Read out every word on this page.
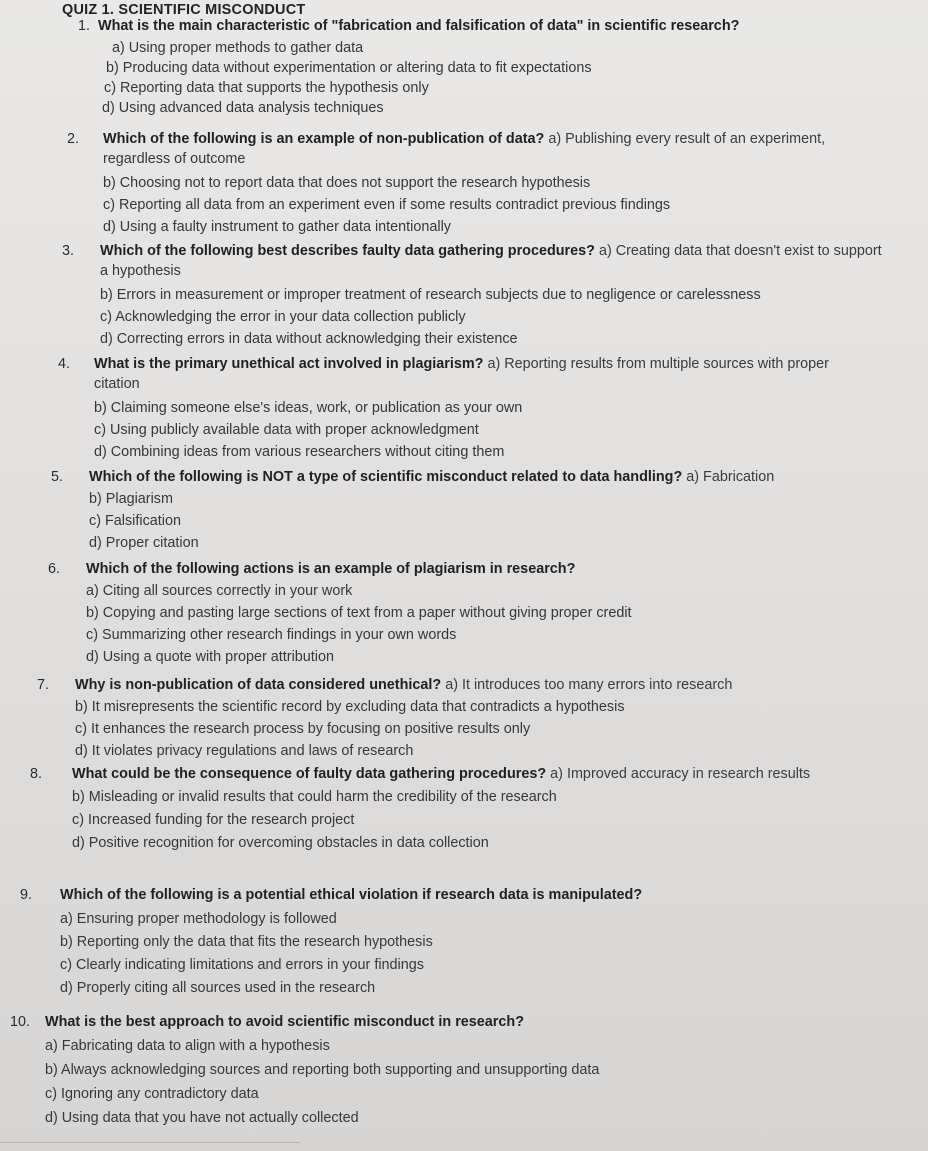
QUIZ 1. SCIENTIFIC MISCONDUCT
1. What is the main characteristic of "fabrication and falsification of data" in scientific research?
a) Using proper methods to gather data
b) Producing data without experimentation or altering data to fit expectations
c) Reporting data that supports the hypothesis only
d) Using advanced data analysis techniques
2. Which of the following is an example of non-publication of data? a) Publishing every result of an experiment,
regardless of outcome
b) Choosing not to report data that does not support the research hypothesis
c) Reporting all data from an experiment even if some results contradict previous findings
d) Using a faulty instrument to gather data intentionally
3. Which of the following best describes faulty data gathering procedures? a) Creating data that doesn't exist to support
a hypothesis
b) Errors in measurement or improper treatment of research subjects due to negligence or carelessness
c) Acknowledging the error in your data collection publicly
d) Correcting errors in data without acknowledging their existence
4. What is the primary unethical act involved in plagiarism? a) Reporting results from multiple sources with proper
citation
b) Claiming someone else's ideas, work, or publication as your own
c) Using publicly available data with proper acknowledgment
d) Combining ideas from various researchers without citing them
5. Which of the following is NOT a type of scientific misconduct related to data handling? a) Fabrication
b) Plagiarism
c) Falsification
d) Proper citation
6. Which of the following actions is an example of plagiarism in research?
a) Citing all sources correctly in your work
b) Copying and pasting large sections of text from a paper without giving proper credit
c) Summarizing other research findings in your own words
d) Using a quote with proper attribution
7. Why is non-publication of data considered unethical? a) It introduces too many errors into research
b) It misrepresents the scientific record by excluding data that contradicts a hypothesis
c) It enhances the research process by focusing on positive results only
d) It violates privacy regulations and laws of research
8. What could be the consequence of faulty data gathering procedures? a) Improved accuracy in research results
b) Misleading or invalid results that could harm the credibility of the research
c) Increased funding for the research project
d) Positive recognition for overcoming obstacles in data collection
9. Which of the following is a potential ethical violation if research data is manipulated?
a) Ensuring proper methodology is followed
b) Reporting only the data that fits the research hypothesis
c) Clearly indicating limitations and errors in your findings
d) Properly citing all sources used in the research
10. What is the best approach to avoid scientific misconduct in research?
a) Fabricating data to align with a hypothesis
b) Always acknowledging sources and reporting both supporting and unsupporting data
c) Ignoring any contradictory data
d) Using data that you have not actually collected
